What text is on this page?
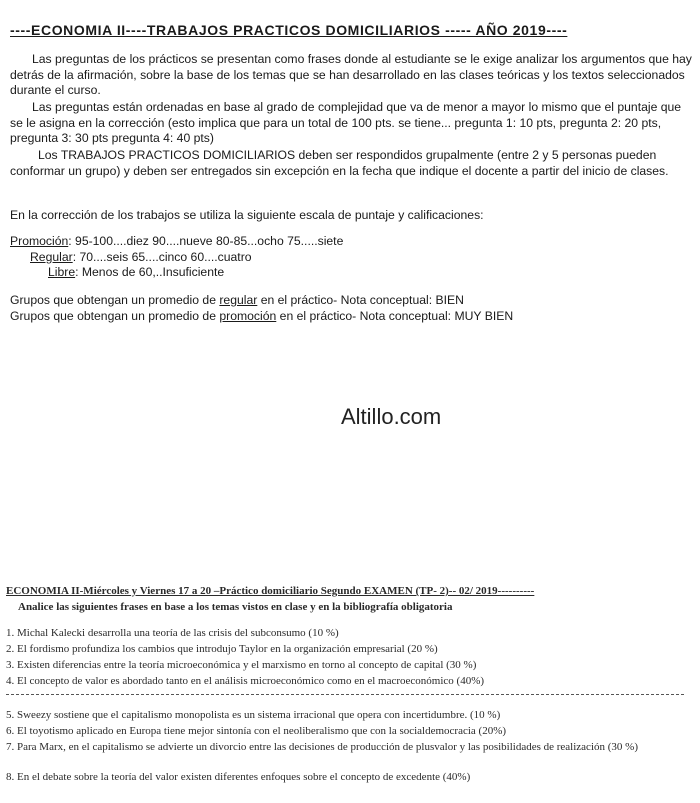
----ECONOMIA II----TRABAJOS PRACTICOS DOMICILIARIOS ----- AÑO 2019----

Las preguntas de los prácticos se presentan como frases donde al estudiante se le exige analizar los argumentos que hay detrás de la afirmación, sobre la base de los temas que se han desarrollado en las clases teóricas y los textos seleccionados durante el curso.

Las preguntas están ordenadas en base al grado de complejidad que va de menor a mayor lo mismo que el puntaje que se le asigna en la corrección (esto implica que para un total de 100 pts. se tiene... pregunta 1: 10 pts, pregunta 2: 20 pts, pregunta 3: 30 pts pregunta 4: 40 pts)

Los TRABAJOS PRACTICOS DOMICILIARIOS deben ser respondidos grupalmente (entre 2 y 5 personas pueden conformar un grupo) y deben ser entregados sin excepción en la fecha que indique el docente a partir del inicio de clases.

En la corrección de los trabajos se utiliza la siguiente escala de puntaje y calificaciones:

Promoción: 95-100....diez 90....nueve 80-85...ocho 75.....siete
Regular: 70....seis 65....cinco 60....cuatro
Libre: Menos de 60,..Insuficiente
Grupos que obtengan un promedio de regular en el práctico- Nota conceptual: BIEN
Grupos que obtengan un promedio de promoción en el práctico- Nota conceptual: MUY BIEN
Altillo.com
ECONOMIA II-Miércoles y Viernes 17 a 20 –Práctico domiciliario Segundo EXAMEN (TP- 2)-- 02/ 2019----------
Analice las siguientes frases en base a los temas vistos en clase y en la bibliografía obligatoria
1. Michal Kalecki desarrolla una teoría de las crisis del subconsumo (10 %)
2. El fordismo profundiza los cambios que introdujo Taylor en la organización empresarial (20 %)
3. Existen diferencias entre la teoría microeconómica y el marxismo en torno al concepto de capital (30 %)
4. El concepto de valor es abordado tanto en el análisis microeconómico como en el macroeconómico (40%)
5. Sweezy sostiene que el capitalismo monopolista es un sistema irracional que opera con incertidumbre. (10 %)
6. El toyotismo aplicado en Europa tiene mejor sintonía con el neoliberalismo que con la socialdemocracia (20%)
7. Para Marx, en el capitalismo se advierte un divorcio entre las decisiones de producción de plusvalor y las posibilidades de realización (30 %)
8. En el debate sobre la teoría del valor existen diferentes enfoques sobre el concepto de excedente (40%)
